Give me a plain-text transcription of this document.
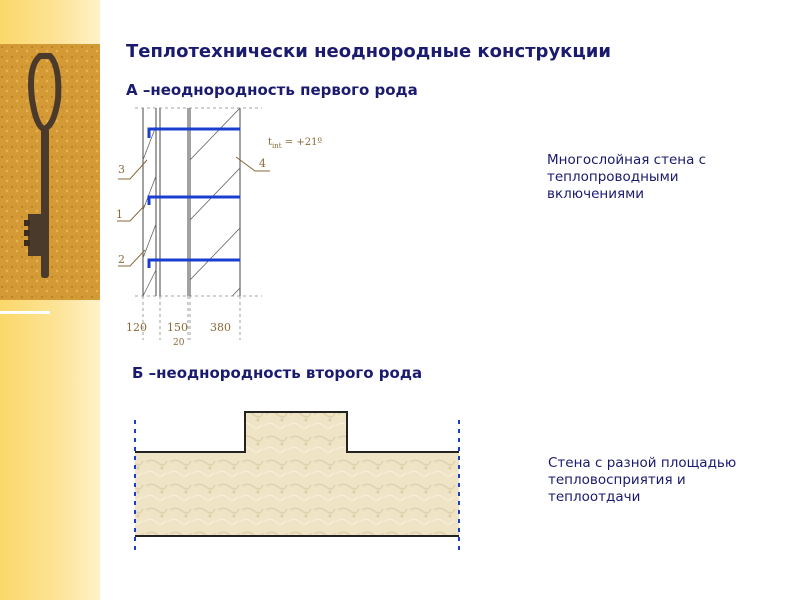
Теплотехнически неоднородные конструкции
А –неоднородность первого рода
Б –неоднородность второго рода
3
1
2
4
$t_{int}$ = +21º
120 150 380
20

Многослойная стена с
теплопроводными
включениями

Стена с разной площадью
тепловосприятия и
теплоотдачи
